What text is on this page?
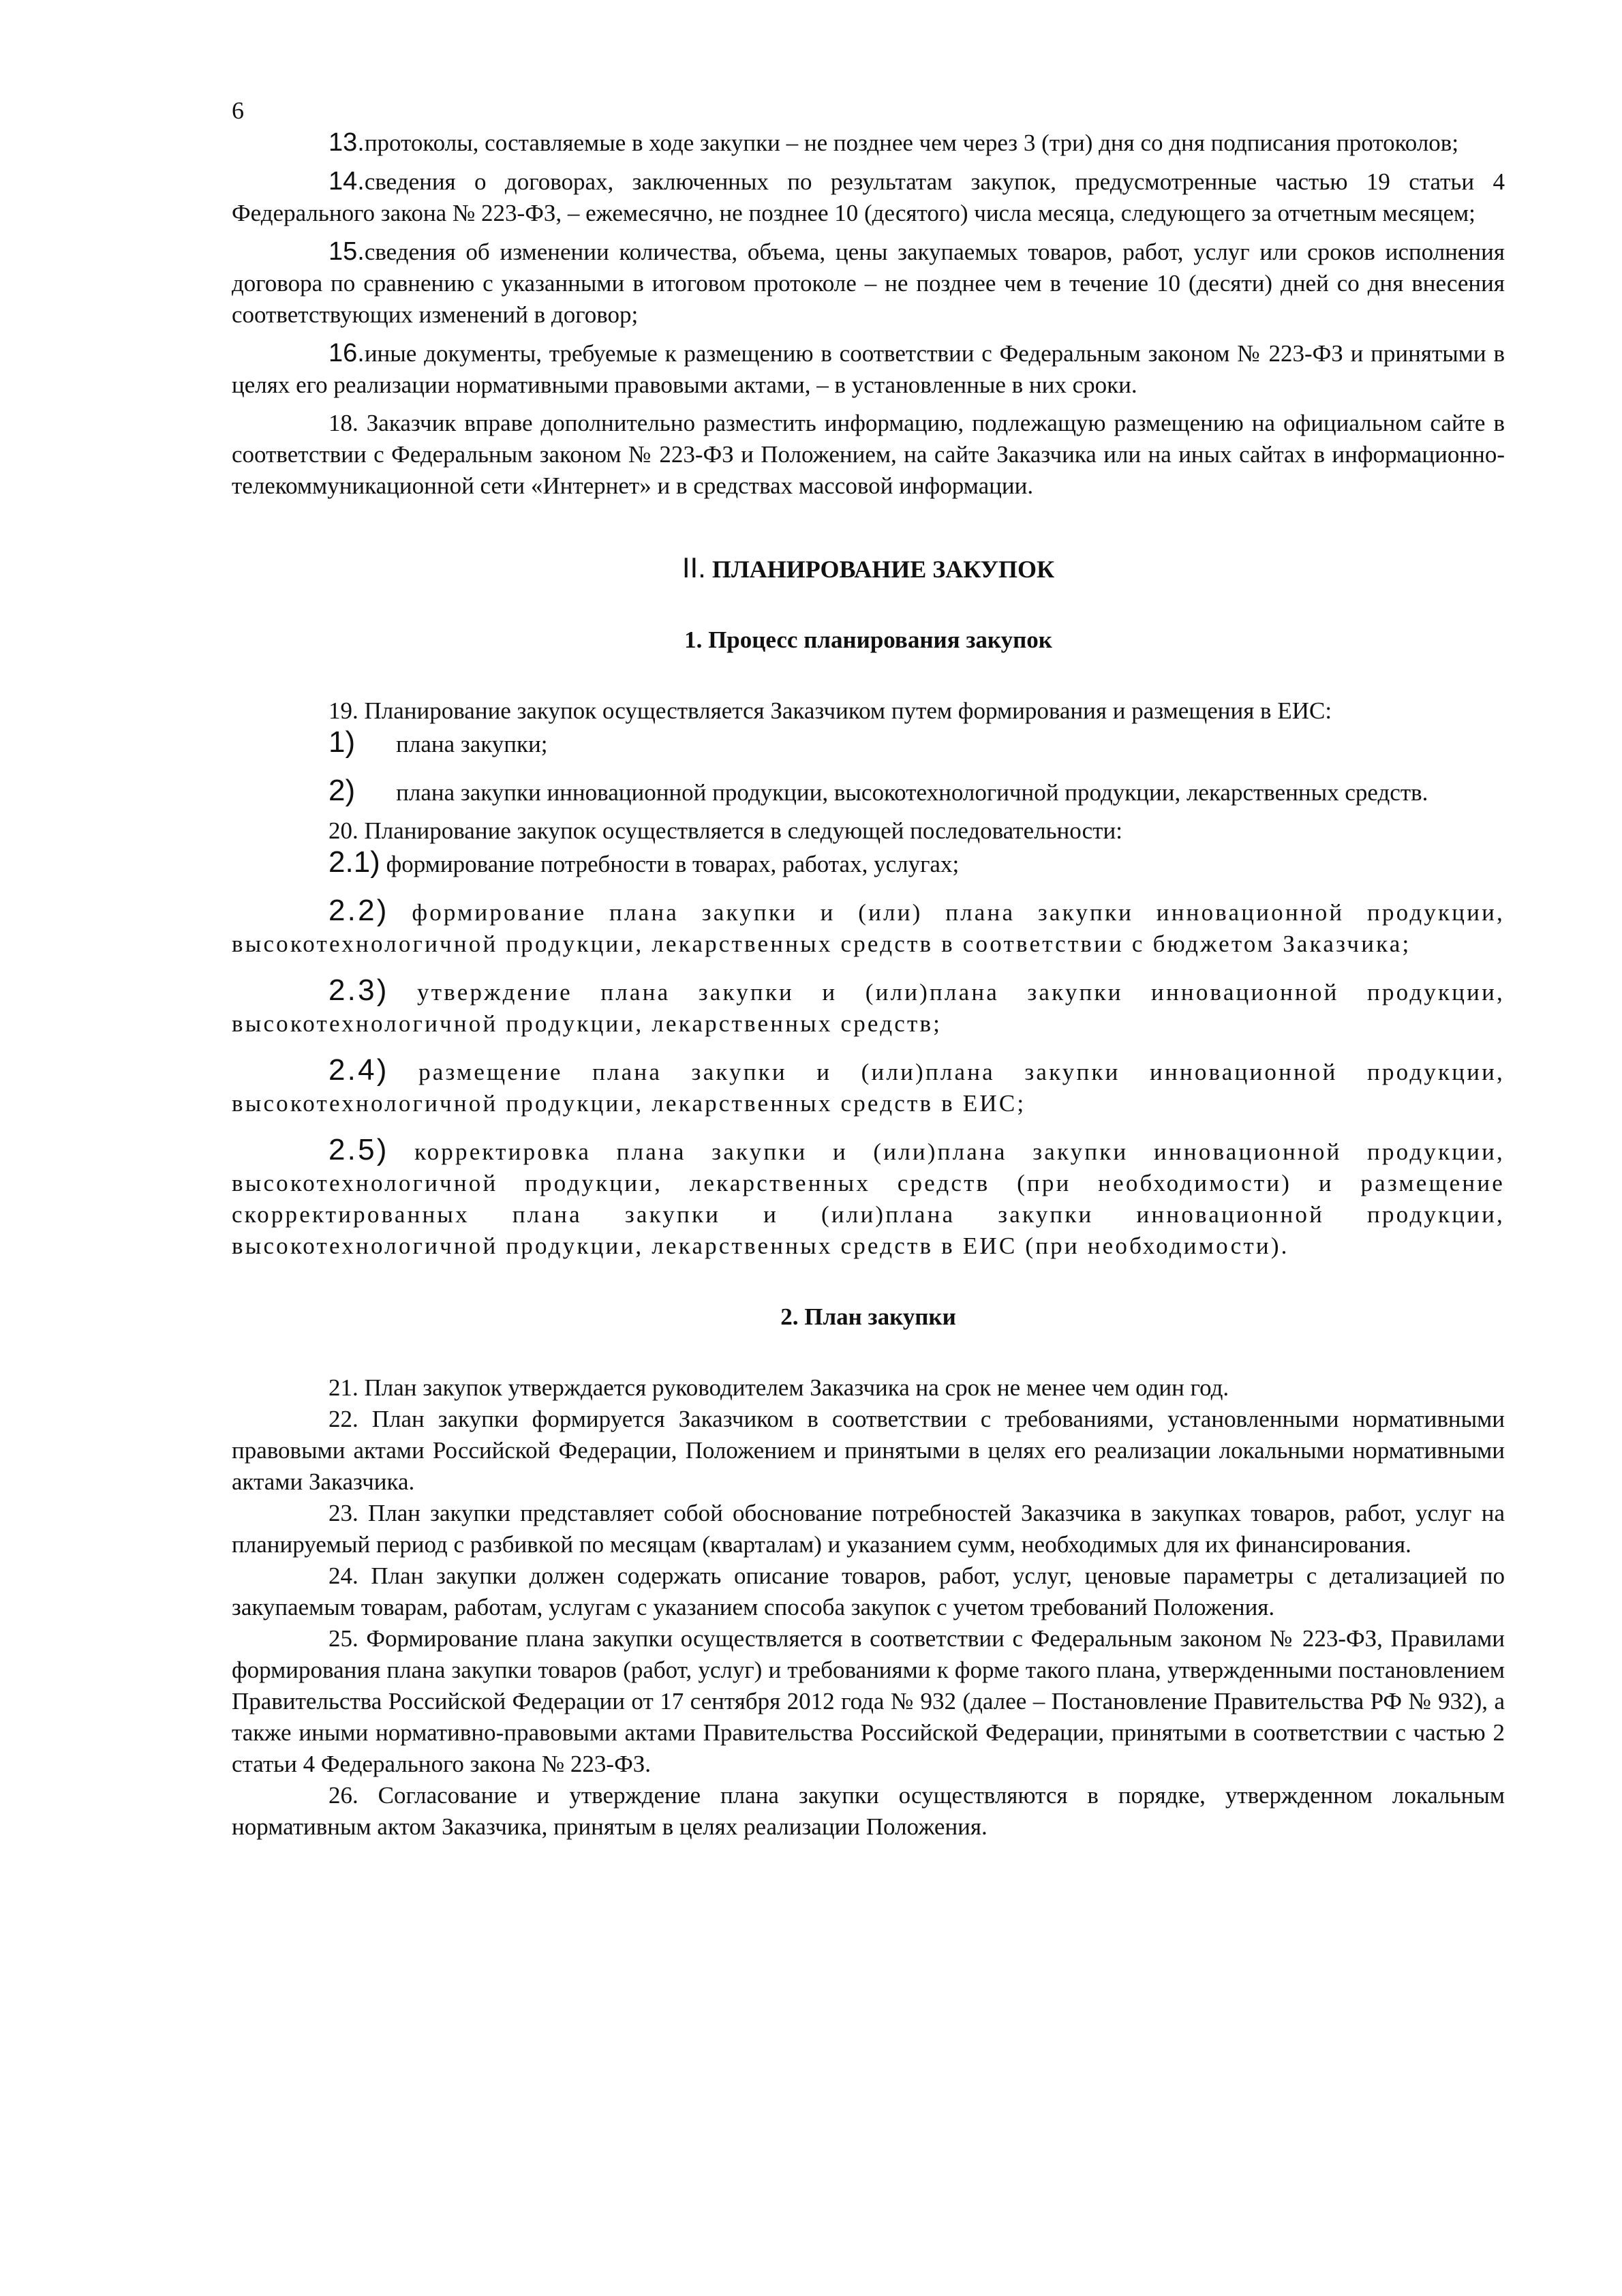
6

13.протоколы, составляемые в ходе закупки – не позднее чем через 3 (три) дня со дня подписания протоколов;

14.сведения о договорах, заключенных по результатам закупок, предусмотренные частью 19 статьи 4 Федерального закона № 223-ФЗ, – ежемесячно, не позднее 10 (десятого) числа месяца, следующего за отчетным месяцем;

15.сведения об изменении количества, объема, цены закупаемых товаров, работ, услуг или сроков исполнения договора по сравнению с указанными в итоговом протоколе – не позднее чем в течение 10 (десяти) дней со дня внесения соответствующих изменений в договор;

16.иные документы, требуемые к размещению в соответствии с Федеральным законом № 223-ФЗ и принятыми в целях его реализации нормативными правовыми актами, – в установленные в них сроки.

18. Заказчик вправе дополнительно разместить информацию, подлежащую размещению на официальном сайте в соответствии с Федеральным законом № 223-ФЗ и Положением, на сайте Заказчика или на иных сайтах в информационно-телекоммуникационной сети «Интернет» и в средствах массовой информации.

II. ПЛАНИРОВАНИЕ ЗАКУПОК

1. Процесс планирования закупок

19. Планирование закупок осуществляется Заказчиком путем формирования и размещения в ЕИС:

1) плана закупки;

2) плана закупки инновационной продукции, высокотехнологичной продукции, лекарственных средств.

20. Планирование закупок осуществляется в следующей последовательности:

2.1) формирование потребности в товарах, работах, услугах;

2.2) формирование плана закупки и (или) плана закупки инновационной продукции, высокотехнологичной продукции, лекарственных средств в соответствии с бюджетом Заказчика;

2.3) утверждение плана закупки и (или)плана закупки инновационной продукции, высокотехнологичной продукции, лекарственных средств;

2.4) размещение плана закупки и (или)плана закупки инновационной продукции, высокотехнологичной продукции, лекарственных средств в ЕИС;

2.5) корректировка плана закупки и (или)плана закупки инновационной продукции, высокотехнологичной продукции, лекарственных средств (при необходимости) и размещение скорректированных плана закупки и (или)плана закупки инновационной продукции, высокотехнологичной продукции, лекарственных средств в ЕИС (при необходимости).

2. План закупки

21. План закупок утверждается руководителем Заказчика на срок не менее чем один год.

22. План закупки формируется Заказчиком в соответствии с требованиями, установленными нормативными правовыми актами Российской Федерации, Положением и принятыми в целях его реализации локальными нормативными актами Заказчика.

23. План закупки представляет собой обоснование потребностей Заказчика в закупках товаров, работ, услуг на планируемый период с разбивкой по месяцам (кварталам) и указанием сумм, необходимых для их финансирования.

24. План закупки должен содержать описание товаров, работ, услуг, ценовые параметры с детализацией по закупаемым товарам, работам, услугам с указанием способа закупок с учетом требований Положения.

25. Формирование плана закупки осуществляется в соответствии с Федеральным законом № 223-ФЗ, Правилами формирования плана закупки товаров (работ, услуг) и требованиями к форме такого плана, утвержденными постановлением Правительства Российской Федерации от 17 сентября 2012 года № 932 (далее – Постановление Правительства РФ № 932), а также иными нормативно-правовыми актами Правительства Российской Федерации, принятыми в соответствии с частью 2 статьи 4 Федерального закона № 223-ФЗ.

26. Согласование и утверждение плана закупки осуществляются в порядке, утвержденном локальным нормативным актом Заказчика, принятым в целях реализации Положения.
